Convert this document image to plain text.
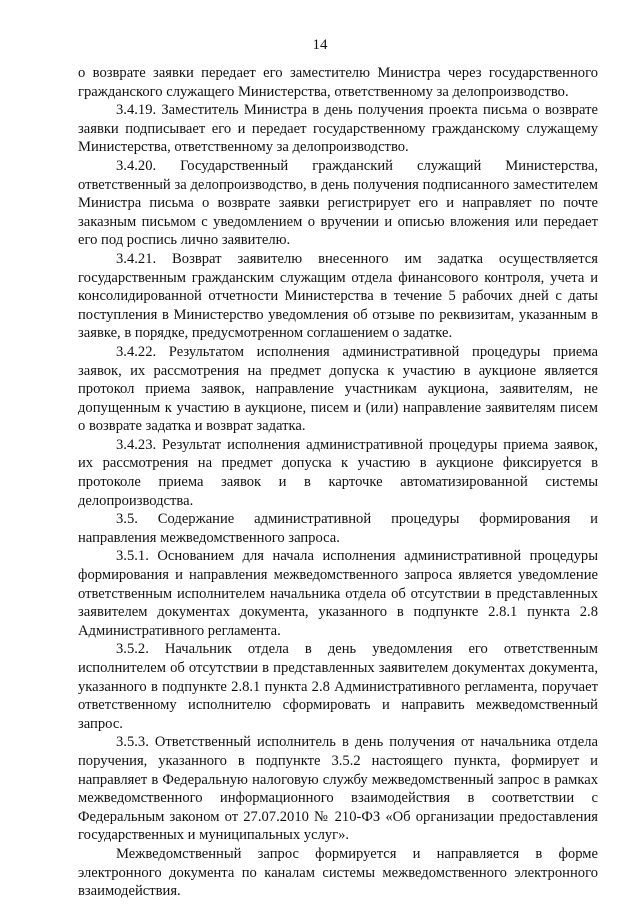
14

о возврате заявки передает его заместителю Министра через государственного гражданского служащего Министерства, ответственному за делопроизводство.

3.4.19. Заместитель Министра в день получения проекта письма о возврате заявки подписывает его и передает государственному гражданскому служащему Министерства, ответственному за делопроизводство.

3.4.20. Государственный гражданский служащий Министерства, ответственный за делопроизводство, в день получения подписанного заместителем Министра письма о возврате заявки регистрирует его и направляет по почте заказным письмом с уведомлением о вручении и описью вложения или передает его под роспись лично заявителю.

3.4.21. Возврат заявителю внесенного им задатка осуществляется государственным гражданским служащим отдела финансового контроля, учета и консолидированной отчетности Министерства в течение 5 рабочих дней с даты поступления в Министерство уведомления об отзыве по реквизитам, указанным в заявке, в порядке, предусмотренном соглашением о задатке.

3.4.22. Результатом исполнения административной процедуры приема заявок, их рассмотрения на предмет допуска к участию в аукционе является протокол приема заявок, направление участникам аукциона, заявителям, не допущенным к участию в аукционе, писем и (или) направление заявителям писем о возврате задатка и возврат задатка.

3.4.23. Результат исполнения административной процедуры приема заявок, их рассмотрения на предмет допуска к участию в аукционе фиксируется в протоколе приема заявок и в карточке автоматизированной системы делопроизводства.

3.5. Содержание административной процедуры формирования и направления межведомственного запроса.

3.5.1. Основанием для начала исполнения административной процедуры формирования и направления межведомственного запроса является уведомление ответственным исполнителем начальника отдела об отсутствии в представленных заявителем документах документа, указанного в подпункте 2.8.1 пункта 2.8 Административного регламента.

3.5.2. Начальник отдела в день уведомления его ответственным исполнителем об отсутствии в представленных заявителем документах документа, указанного в подпункте 2.8.1 пункта 2.8 Административного регламента, поручает ответственному исполнителю сформировать и направить межведомственный запрос.

3.5.3. Ответственный исполнитель в день получения от начальника отдела поручения, указанного в подпункте 3.5.2 настоящего пункта, формирует и направляет в Федеральную налоговую службу межведомственный запрос в рамках межведомственного информационного взаимодействия в соответствии с Федеральным законом от 27.07.2010 № 210-ФЗ «Об организации предоставления государственных и муниципальных услуг».

Межведомственный запрос формируется и направляется в форме электронного документа по каналам системы межведомственного электронного взаимодействия.
